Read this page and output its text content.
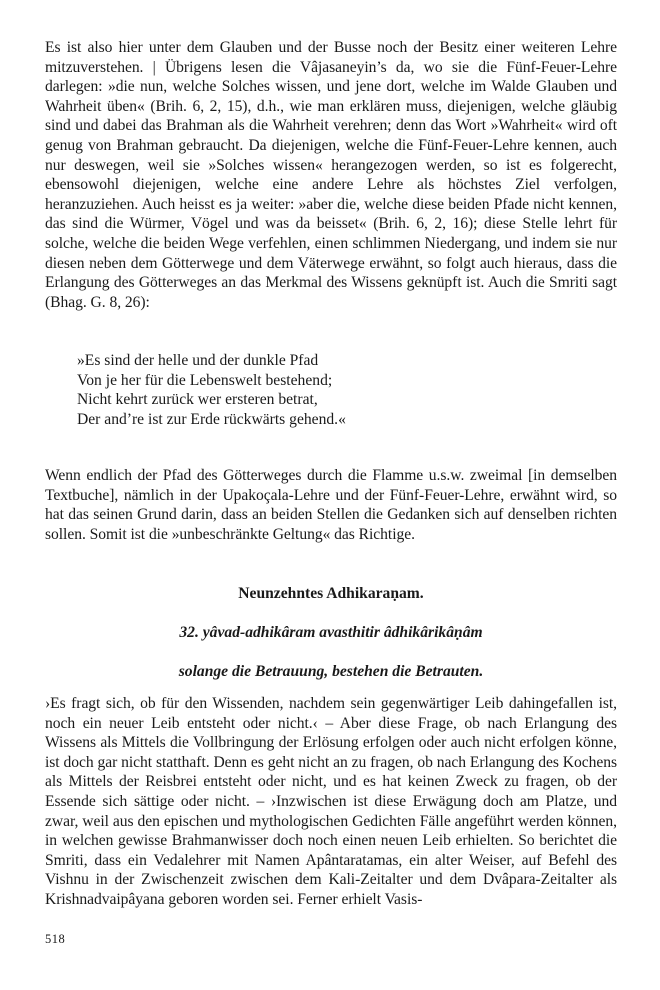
Es ist also hier unter dem Glauben und der Busse noch der Besitz einer weiteren Lehre mitzuverstehen. | Übrigens lesen die Vâjasaneyin’s da, wo sie die Fünf-Feuer-Lehre darlegen: »die nun, welche Solches wissen, und jene dort, welche im Walde Glauben und Wahrheit üben« (Brih. 6, 2, 15), d.h., wie man erklären muss, diejenigen, welche gläubig sind und dabei das Brahman als die Wahrheit verehren; denn das Wort »Wahrheit« wird oft genug von Brahman gebraucht. Da diejenigen, welche die Fünf-Feuer-Lehre kennen, auch nur deswegen, weil sie »Solches wissen« herangezogen werden, so ist es folgerecht, ebensowohl diejenigen, welche eine andere Lehre als höchstes Ziel verfolgen, heranzuziehen. Auch heisst es ja weiter: »aber die, welche diese beiden Pfade nicht kennen, das sind die Würmer, Vögel und was da beisset« (Brih. 6, 2, 16); diese Stelle lehrt für solche, welche die beiden Wege verfehlen, einen schlimmen Niedergang, und indem sie nur diesen neben dem Götterwege und dem Väterwege erwähnt, so folgt auch hieraus, dass die Erlangung des Götterweges an das Merkmal des Wissens geknüpft ist. Auch die Smriti sagt (Bhag. G. 8, 26):

»Es sind der helle und der dunkle Pfad
Von je her für die Lebenswelt bestehend;
Nicht kehrt zurück wer ersteren betrat,
Der and’re ist zur Erde rückwärts gehend.«

Wenn endlich der Pfad des Götterweges durch die Flamme u.s.w. zweimal [in demselben Textbuche], nämlich in der Upakoçala-Lehre und der Fünf-Feuer-Lehre, erwähnt wird, so hat das seinen Grund darin, dass an beiden Stellen die Gedanken sich auf denselben richten sollen. Somit ist die »unbeschränkte Geltung« das Richtige.

Neunzehntes Adhikaraṇam.

32. yâvad-adhikâram avasthitir âdhikârikâṇâm

solange die Betrauung, bestehen die Betrauten.

›Es fragt sich, ob für den Wissenden, nachdem sein gegenwärtiger Leib dahingefallen ist, noch ein neuer Leib entsteht oder nicht.‹ – Aber diese Frage, ob nach Erlangung des Wissens als Mittels die Vollbringung der Erlösung erfolgen oder auch nicht erfolgen könne, ist doch gar nicht statthaft. Denn es geht nicht an zu fragen, ob nach Erlangung des Kochens als Mittels der Reisbrei entsteht oder nicht, und es hat keinen Zweck zu fragen, ob der Essende sich sättige oder nicht. – ›Inzwischen ist diese Erwägung doch am Platze, und zwar, weil aus den epischen und mythologischen Gedichten Fälle angeführt werden können, in welchen gewisse Brahmanwisser doch noch einen neuen Leib erhielten. So berichtet die Smriti, dass ein Vedalehrer mit Namen Apântaratamas, ein alter Weiser, auf Befehl des Vishnu in der Zwischenzeit zwischen dem Kali-Zeitalter und dem Dvâpara-Zeitalter als Krishnadvaipâyana geboren worden sei. Ferner erhielt Vasis-

518
